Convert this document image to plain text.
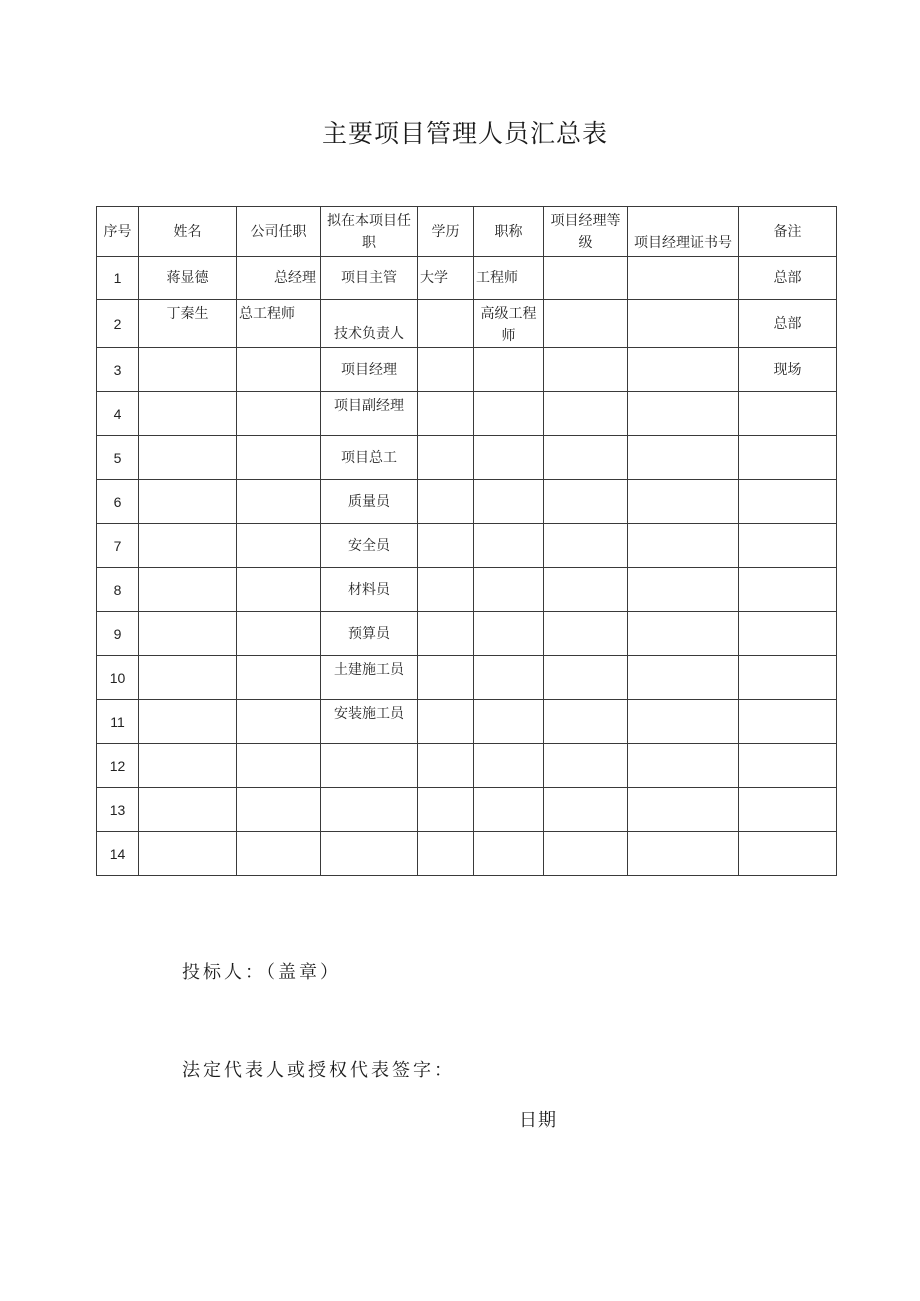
主要项目管理人员汇总表
序号	姓名	公司任职	拟在本项目任职	学历	职称	项目经理等级	项目经理证书号	备注
1	蒋显德	总经理	项目主管	大学	工程师			总部
2	丁秦生	总工程师	技术负责人		高级工程师			总部
3			项目经理					现场
4			项目副经理					
5			项目总工					
6			质量员					
7			安全员					
8			材料员					
9			预算员					
10			土建施工员					
11			安装施工员					
12								
13								
14								
投标人：（盖章）
法定代表人或授权代表签字：
日期
